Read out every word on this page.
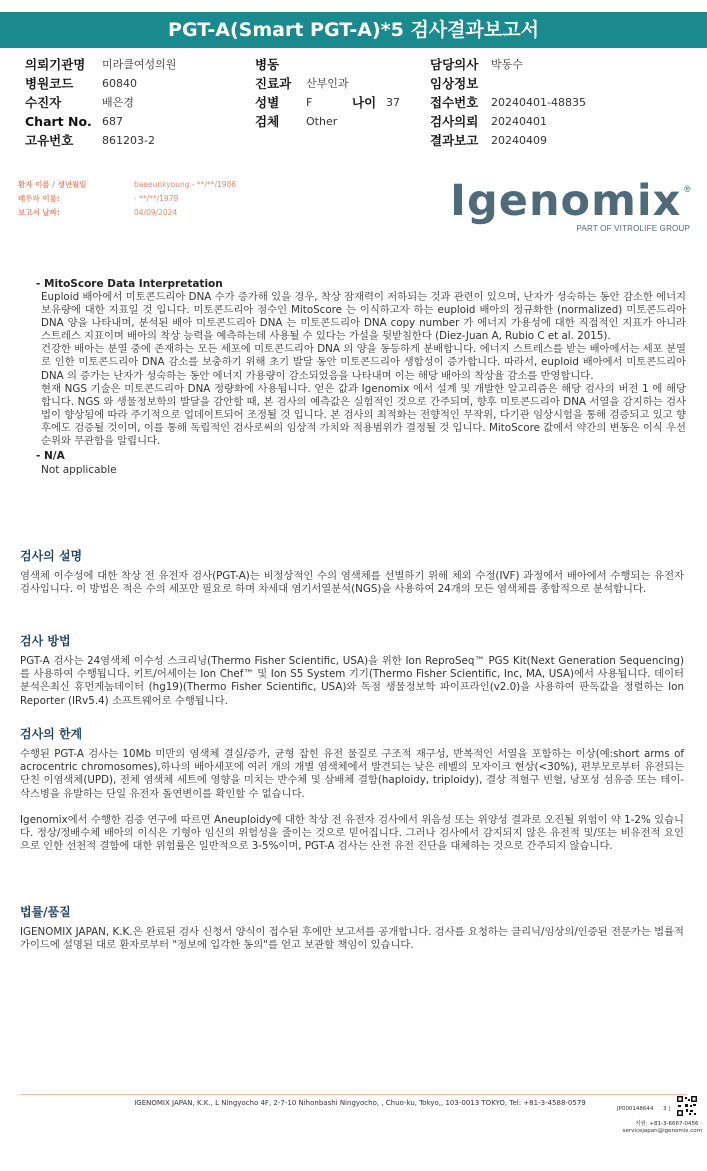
PGT-A(Smart PGT-A)*5 검사결과보고서
의뢰기관명 미라클여성의원	병동	담당의사 박동수
병원코드	60840	진료과 산부인과	임상정보
수진자	배은경	성별 F	나이 37 접수번호 20240401-48835
Chart No. 687	검체 Other	검사의뢰 20240401
고유번호	861203-2	결과보고 20240409
환자 이름 / 생년월일	baeeunkyoung - **/**/1986
배우자 이름:	- **/**/1979
보고서 날짜:	04/09/2024	Igenomix ®
PART OF VITROLIFE GROUP
- MitoScore Data Interpretation
Euploid 배아에서 미토콘드리아 DNA 수가 증가해 있을 경우, 착상 잠재력이 저하되는 것과 관련이 있으며, 난자가 성숙하는 동안 감소한 에너지 보유량에 대한 지표일 것 입니다. 미토콘드리아 점수인 MitoScore 는 이식하고자 하는 euploid 배아의 정규화한 (normalized) 미토콘드리아 DNA 양을 나타내며, 분석된 배아 미토콘드리아 DNA 는 미토콘드리아 DNA copy number 가 에너지 가용성에 대한 직접적인 지표가 아니라 스트레스 지표이며 배아의 착상 능력을 예측하는데 사용될 수 있다는 가설을 뒷받침한다 (Diez-Juan A, Rubio C et al. 2015).
건강한 배아는 분열 중에 존재하는 모든 세포에 미토콘드리아 DNA 의 양을 동등하게 분배합니다. 에너지 스트레스를 받는 배아에서는 세포 분열로 인한 미토콘드리아 DNA 감소를 보충하기 위해 초기 발달 동안 미토콘드리아 생합성이 증가합니다. 따라서, euploid 배아에서 미토콘드리아 DNA 의 증가는 난자가 성숙하는 동안 에너지 가용량이 감소되었음을 나타내며 이는 해당 배아의 착상율 감소를 반영합니다.
현재 NGS 기술은 미토콘드리아 DNA 정량화에 사용됩니다. 얻은 값과 Igenomix 에서 설계 및 개발한 알고리즘은 해당 검사의 버전 1 에 해당합니다. NGS 와 생물정보학의 발달을 감안할 때, 본 검사의 예측값은 실험적인 것으로 간주되며, 향후 미토콘드리아 DNA 서열을 감지하는 검사법이 향상됨에 따라 주기적으로 업데이트되어 조정될 것 입니다. 본 검사의 최적화는 전향적인 무작위, 다기관 임상시험을 통해 검증되고 있고 향후에도 검증될 것이며, 이를 통해 독립적인 검사로써의 임상적 가치와 적용범위가 결정될 것 입니다. MitoScore 값에서 약간의 변동은 이식 우선순위와 무관함을 알립니다.
- N/A
Not applicable
검사의 설명
염색체 이수성에 대한 착상 전 유전자 검사(PGT-A)는 비정상적인 수의 염색체를 선별하기 위해 체외 수정(IVF) 과정에서 배아에서 수행되는 유전자 검사입니다. 이 방법은 적은 수의 세포만 필요로 하며 차세대 염기서열분석(NGS)을 사용하여 24개의 모든 염색체를 종합적으로 분석합니다.
검사 방법
PGT-A 검사는 24염색체 이수성 스크리닝(Thermo Fisher Scientific, USA)을 위한 Ion ReproSeq™ PGS Kit(Next Generation Sequencing)를 사용하여 수행됩니다. 키트/어세이는 Ion Chef™ 및 Ion S5 System 기기(Thermo Fisher Scientific, Inc, MA, USA)에서 사용됩니다. 데이터 분석은최신 휴먼게놈데이터 (hg19)(Thermo Fisher Scientific, USA)와 독점 생물정보학 파이프라인(v2.0)을 사용하여 판독값을 정렬하는 Ion Reporter (IRv5.4) 소프트웨어로 수행됩니다.
검사의 한계
수행된 PGT-A 검사는 10Mb 미만의 염색체 결실/증가, 균형 잡힌 유전 물질로 구조적 재구성, 반복적인 서열을 포함하는 이상(예:short arms of acrocentric chromosomes),하나의 배아세포에 여러 개의 개별 염색체에서 발견되는 낮은 레벨의 모자이크 현상(<30%), 편부모로부터 유전되는 단친 이염색체(UPD), 전체 염색체 세트에 영향을 미치는 반수체 및 삼배체 결함(haploidy, triploidy), 결상 적혈구 빈혈, 낭포성 섬유증 또는 테이-삭스병을 유발하는 단일 유전자 돌연변이를 확인할 수 없습니다.
Igenomix에서 수행한 검증 연구에 따르면 Aneuploidy에 대한 착상 전 유전자 검사에서 위음성 또는 위양성 결과로 오진될 위험이 약 1-2% 있습니다. 정상/정배수체 배아의 이식은 기형아 임신의 위험성을 줄이는 것으로 믿어집니다. 그러나 검사에서 감지되지 않은 유전적 및/또는 비유전적 요인으로 인한 선천적 결함에 대한 위험률은 일반적으로 3-5%이며, PGT-A 검사는 산전 유전 진단을 대체하는 것으로 간주되지 않습니다.
법률/품질
IGENOMIX JAPAN, K.K.은 완료된 검사 신청서 양식이 접수된 후에만 보고서를 공개합니다. 검사를 요청하는 클리닉/임상의/인증된 전문가는 법률적 가이드에 설명된 대로 환자로부터 "정보에 입각한 동의"를 얻고 보관할 책임이 있습니다.
IGENOMIX JAPAN, K.K., L Ningyocho 4F, 2-7-10 Nihonbashi Ningyocho, , Chuo-ku, Tokyo,, 103-0013 TOKYO, Tel: +81-3-4588-0579
JP000148644 3 |
지원: +81-3-6667-0456 ·
servicejapan@igenomix.com
